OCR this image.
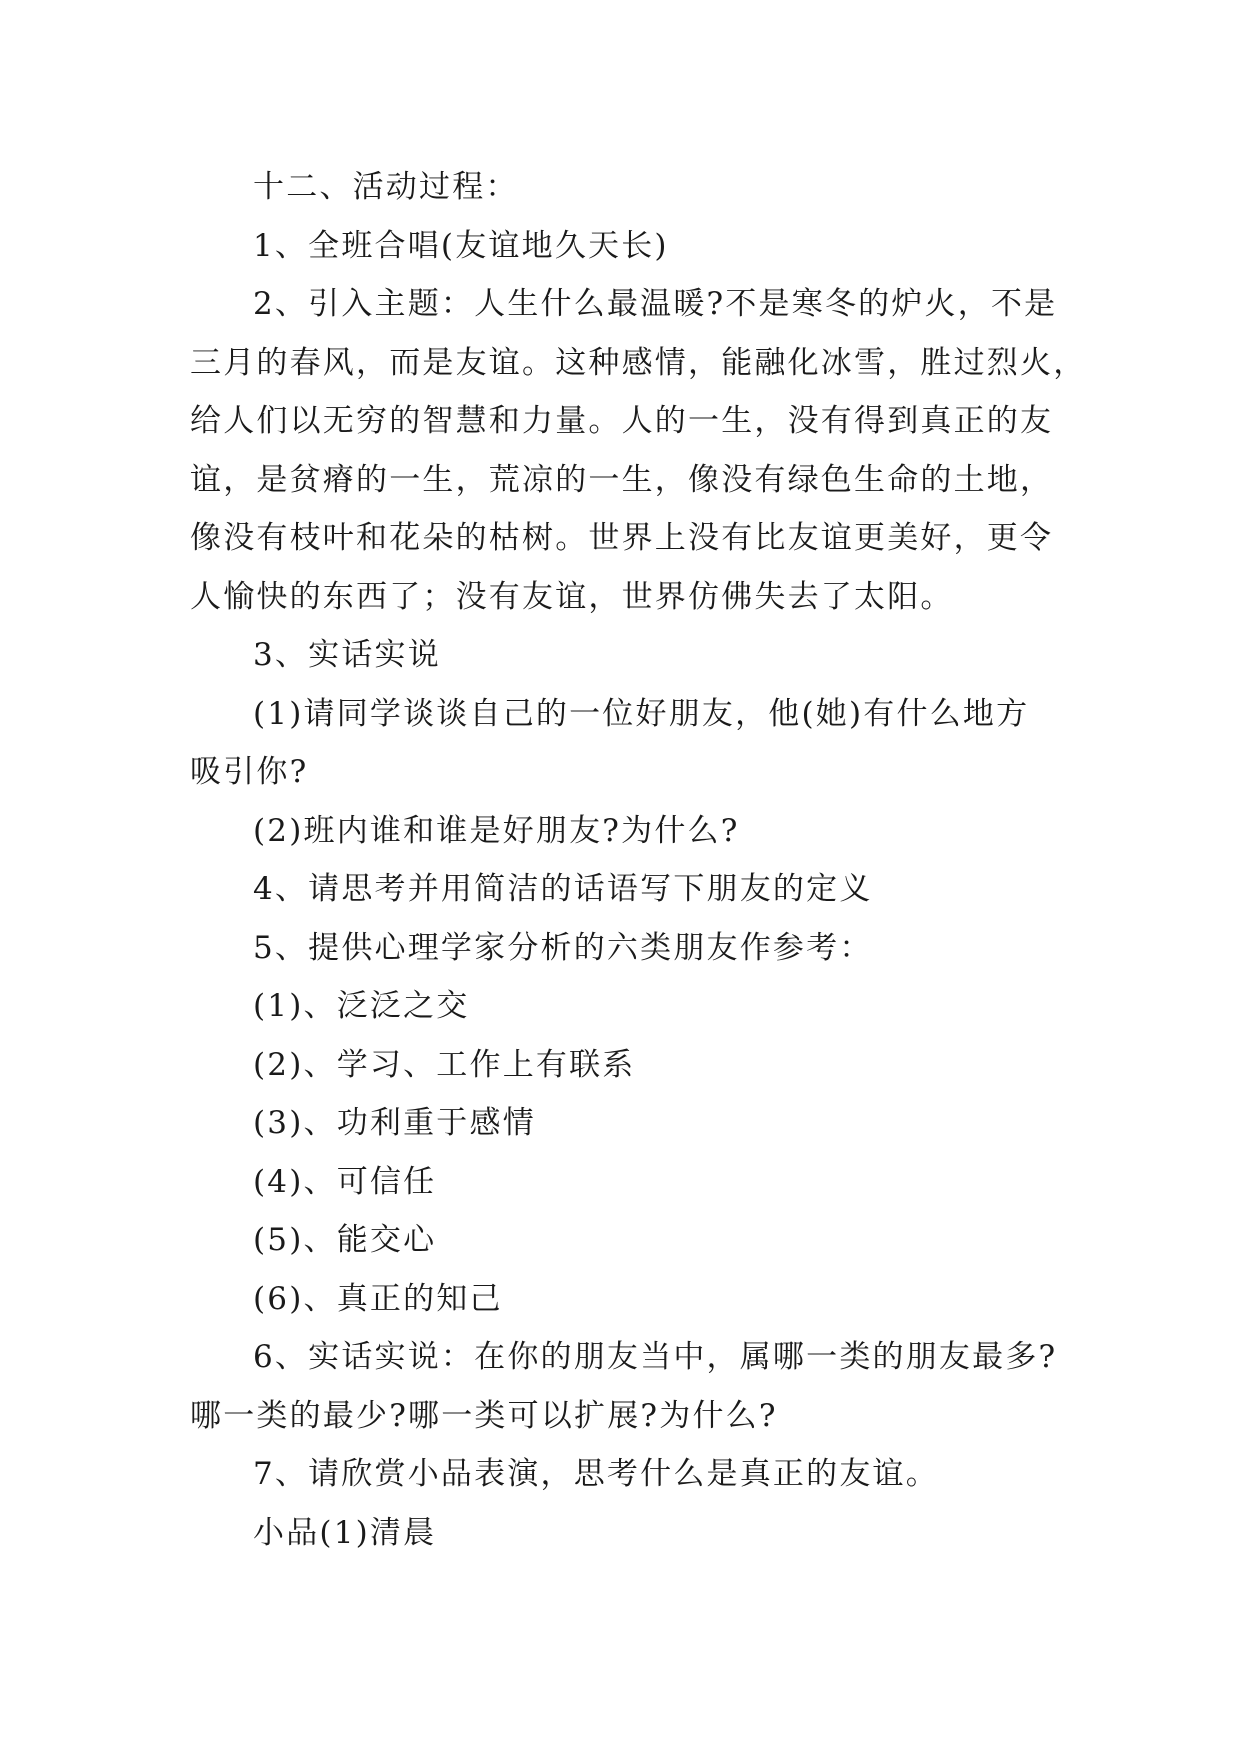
十二、活动过程：
1、全班合唱(友谊地久天长)
2、引入主题：人生什么最温暖?不是寒冬的炉火，不是
三月的春风，而是友谊。这种感情，能融化冰雪，胜过烈火，
给人们以无穷的智慧和力量。人的一生，没有得到真正的友
谊，是贫瘠的一生，荒凉的一生，像没有绿色生命的土地，
像没有枝叶和花朵的枯树。世界上没有比友谊更美好，更令
人愉快的东西了；没有友谊，世界仿佛失去了太阳。
3、实话实说
(1)请同学谈谈自己的一位好朋友，他(她)有什么地方
吸引你?
(2)班内谁和谁是好朋友?为什么?
4、请思考并用简洁的话语写下朋友的定义
5、提供心理学家分析的六类朋友作参考：
(1)、泛泛之交
(2)、学习、工作上有联系
(3)、功利重于感情
(4)、可信任
(5)、能交心
(6)、真正的知己
6、实话实说：在你的朋友当中，属哪一类的朋友最多?
哪一类的最少?哪一类可以扩展?为什么?
7、请欣赏小品表演，思考什么是真正的友谊。
小品(1)清晨
